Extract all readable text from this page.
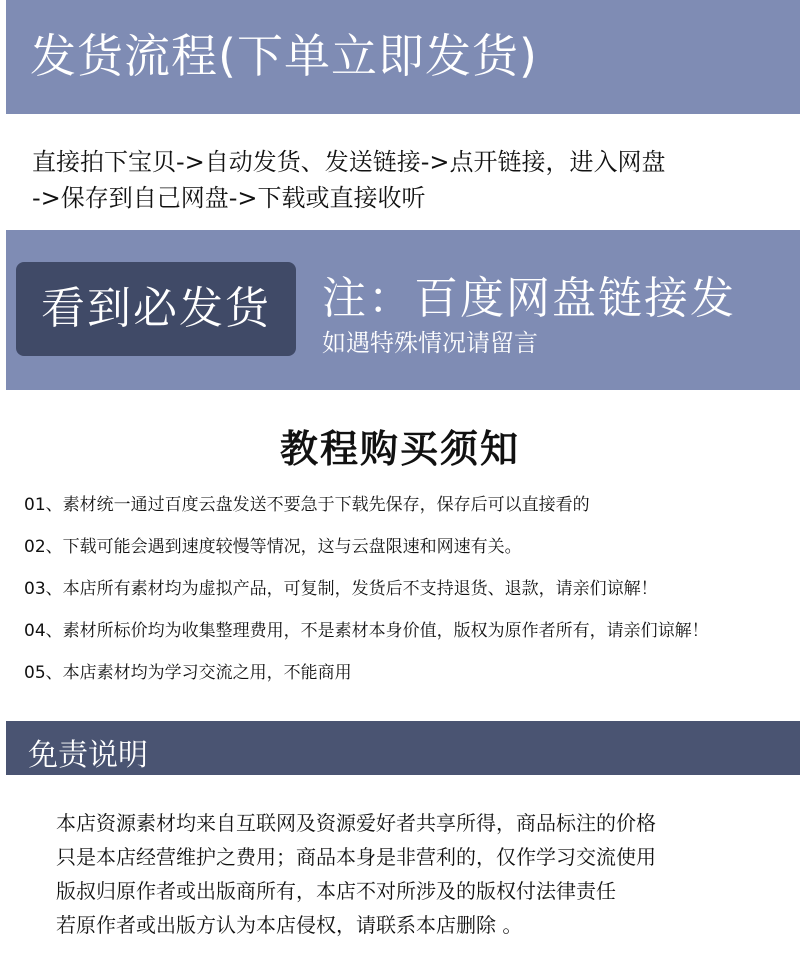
发货流程(下单立即发货)
直接拍下宝贝->自动发货、发送链接->点开链接，进入网盘
->保存到自己网盘->下载或直接收听
看到必发货	注：百度网盘链接发
如遇特殊情况请留言
教程购买须知
01、素材统一通过百度云盘发送不要急于下载先保存，保存后可以直接看的
02、下载可能会遇到速度较慢等情况，这与云盘限速和网速有关。
03、本店所有素材均为虚拟产品，可复制，发货后不支持退货、退款，请亲们谅解！
04、素材所标价均为收集整理费用，不是素材本身价值，版权为原作者所有，请亲们谅解！
05、本店素材均为学习交流之用，不能商用
免责说明
本店资源素材均来自互联网及资源爱好者共享所得，商品标注的价格
只是本店经营维护之费用；商品本身是非营利的，仅作学习交流使用
版叔归原作者或出版商所有，本店不对所涉及的版权付法律责任
若原作者或出版方认为本店侵权，请联系本店删除 。
